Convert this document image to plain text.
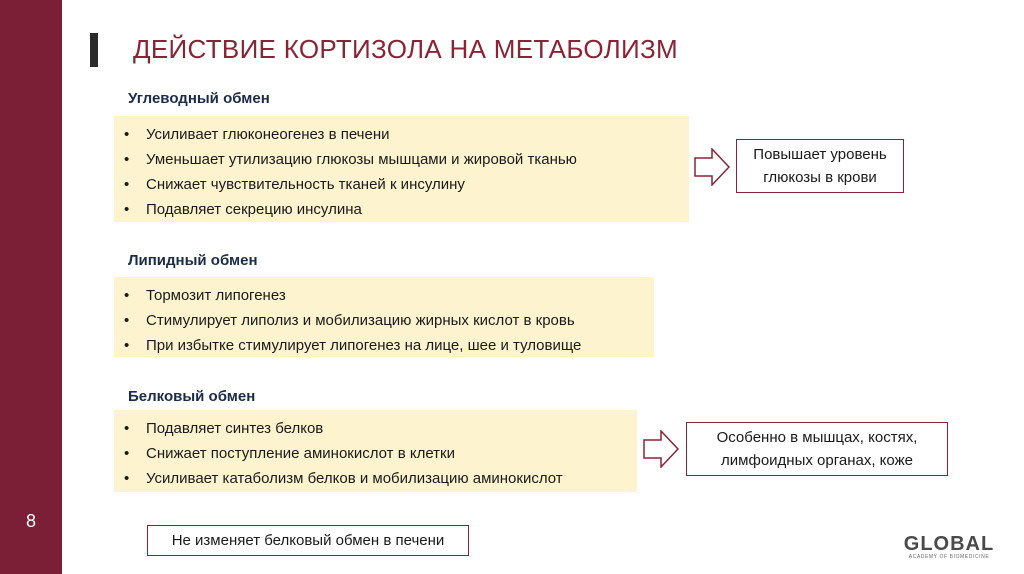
8
ДЕЙСТВИЕ КОРТИЗОЛА НА МЕТАБОЛИЗМ
Углеводный обмен
• Усиливает глюконеогенез в печени
• Уменьшает утилизацию глюкозы мышцами и жировой тканью
• Снижает чувствительность тканей к инсулину
• Подавляет секрецию инсулина
Повышает уровень глюкозы в крови
Липидный обмен
• Тормозит липогенез
• Стимулирует липолиз и мобилизацию жирных кислот в кровь
• При избытке стимулирует липогенез на лице, шее и туловище
Белковый обмен
• Подавляет синтез белков
• Снижает поступление аминокислот в клетки
• Усиливает катаболизм белков и мобилизацию аминокислот
Особенно в мышцах, костях, лимфоидных органах, коже
Не изменяет белковый обмен в печени	GLOBAL
ACADEMY OF BIOMEDICINE
